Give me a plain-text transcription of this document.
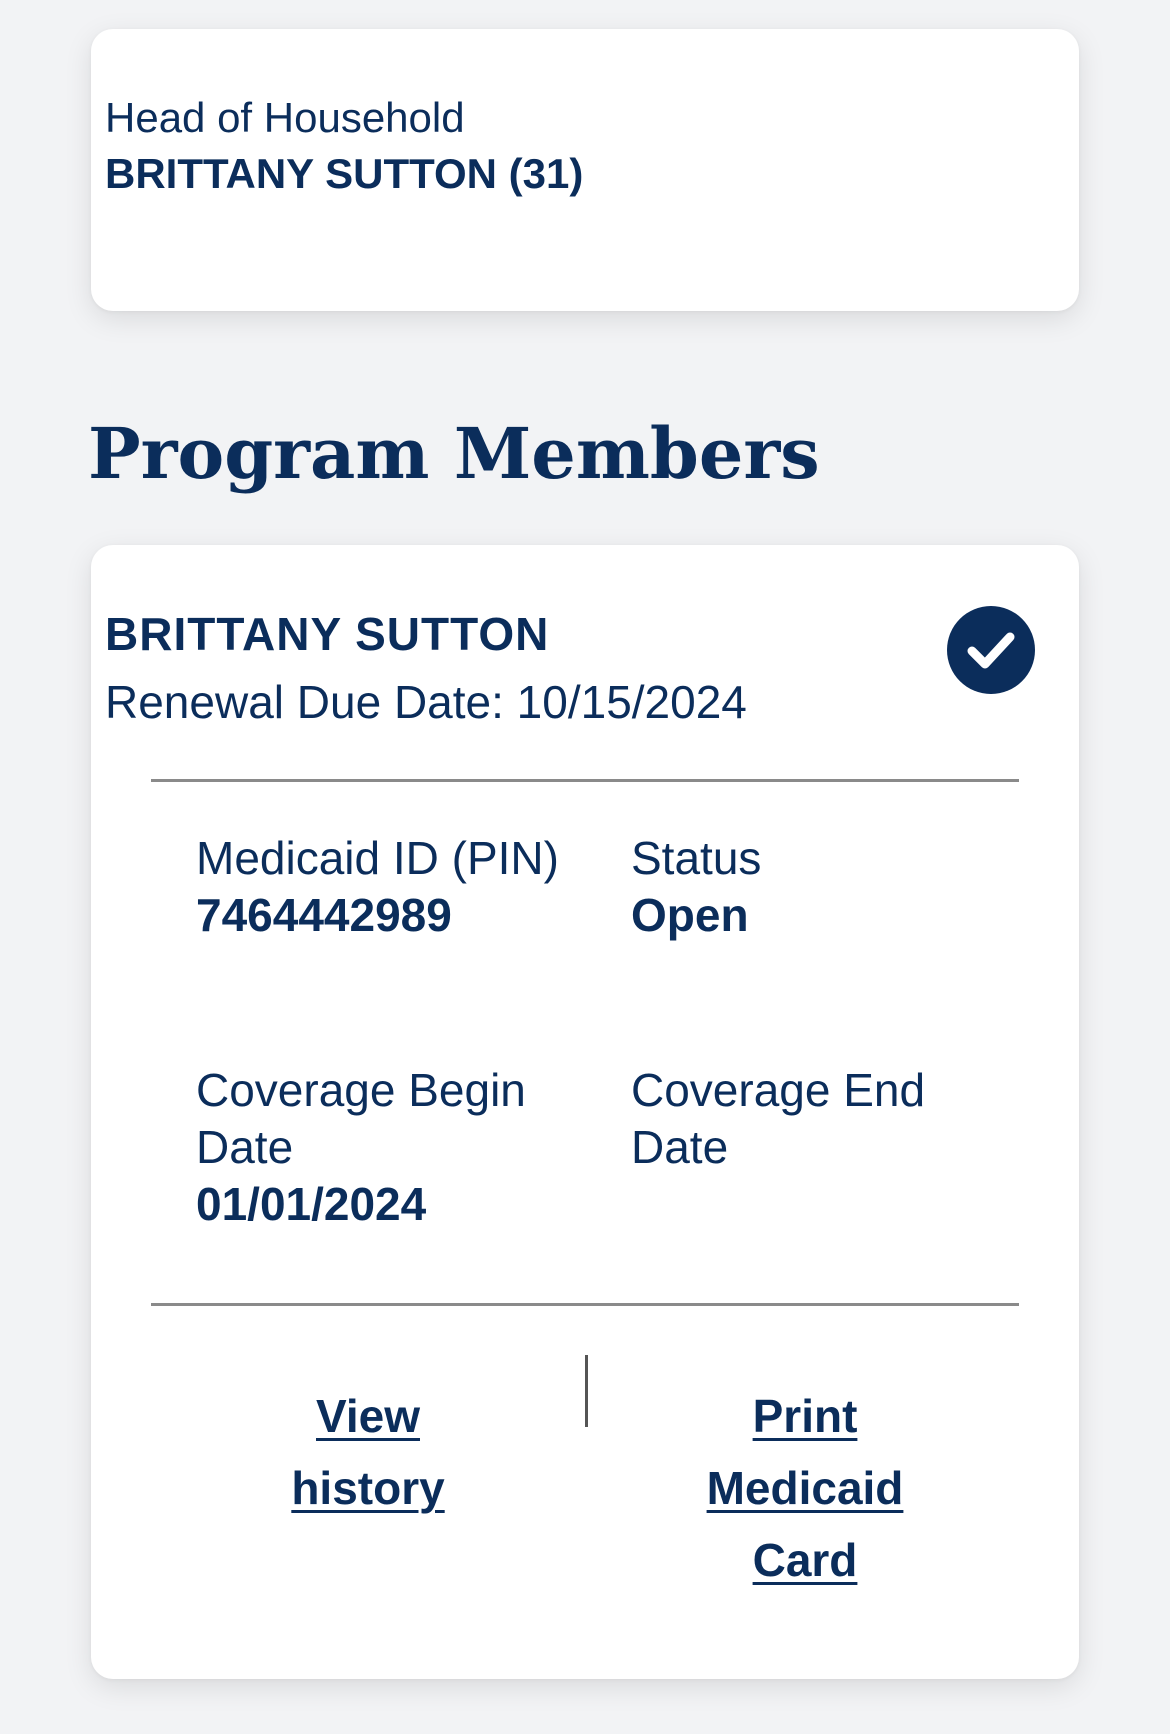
Head of Household
BRITTANY SUTTON (31)
Program Members
BRITTANY SUTTON
Renewal Due Date: 10/15/2024
Medicaid ID (PIN)
7464442989
Status
Open
Coverage Begin Date
01/01/2024
Coverage End Date
View history
Print Medicaid Card
